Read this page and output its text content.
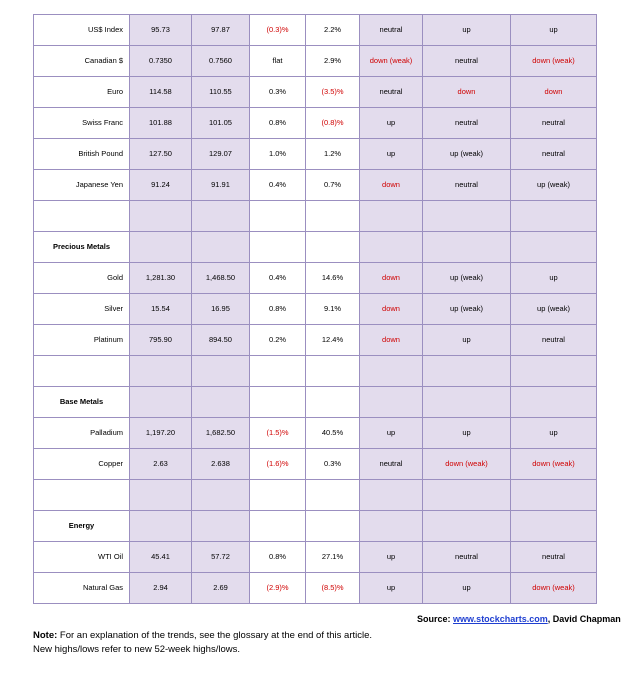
US$ Index	95.73	97.87	(0.3)%	2.2%	neutral	up	up

Canadian $	0.7350	0.7560	flat	2.9%	down (weak)	neutral	down (weak)

Euro	114.58	110.55	0.3%	(3.5)%	neutral	down	down

Swiss Franc	101.88	101.05	0.8%	(0.8)%	up	neutral	neutral

British Pound	127.50	129.07	1.0%	1.2%	up	up (weak)	neutral

Japanese Yen	91.24	91.91	0.4%	0.7%	down	neutral	up (weak)

Precious Metals							

Gold	1,281.30	1,468.50	0.4%	14.6%	down	up (weak)	up

Silver	15.54	16.95	0.8%	9.1%	down	up (weak)	up (weak)

Platinum	795.90	894.50	0.2%	12.4%	down	up	neutral

Base Metals							

Palladium	1,197.20	1,682.50	(1.5)%	40.5%	up	up	up

Copper	2.63	2.638	(1.6)%	0.3%	neutral	down (weak)	down (weak)

Energy							

WTI Oil	45.41	57.72	0.8%	27.1%	up	neutral	neutral

Natural Gas	2.94	2.69	(2.9)%	(8.5)%	up	up	down (weak)
Source: www.stockcharts.com, David Chapman
Note: For an explanation of the trends, see the glossary at the end of this article.
New highs/lows refer to new 52-week highs/lows.
